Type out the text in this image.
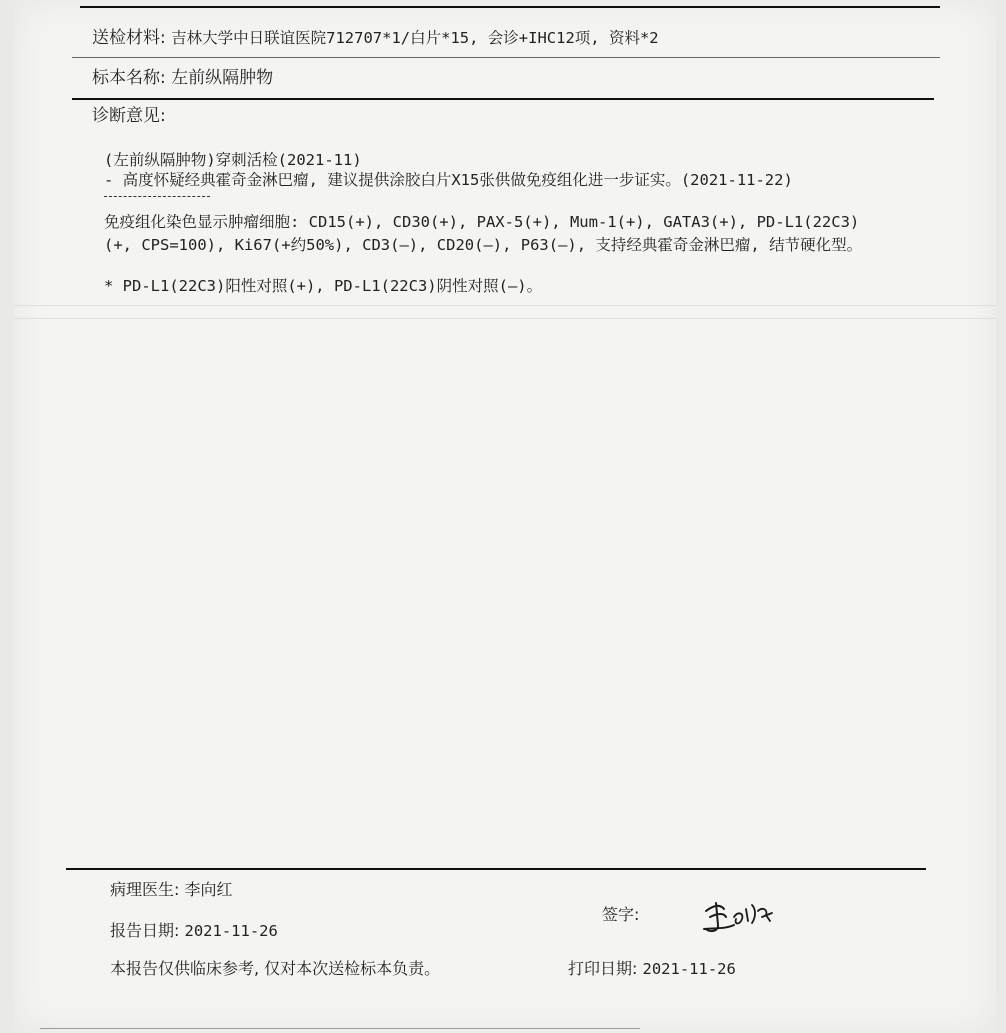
送检材料: 吉林大学中日联谊医院712707*1/白片*15, 会诊+IHC12项, 资料*2
标本名称: 左前纵隔肿物
诊断意见:
(左前纵隔肿物)穿刺活检(2021-11)
- 高度怀疑经典霍奇金淋巴瘤, 建议提供涂胶白片X15张供做免疫组化进一步证实。(2021-11-22)
免疫组化染色显示肿瘤细胞: CD15(+), CD30(+), PAX-5(+), Mum-1(+), GATA3(+), PD-L1(22C3)
(+, CPS=100), Ki67(+约50%), CD3(—), CD20(—), P63(—), 支持经典霍奇金淋巴瘤, 结节硬化型。
* PD-L1(22C3)阳性对照(+), PD-L1(22C3)阴性对照(—)。
病理医生: 李向红
报告日期: 2021-11-26
签字:
本报告仅供临床参考, 仅对本次送检标本负责。	打印日期: 2021-11-26
